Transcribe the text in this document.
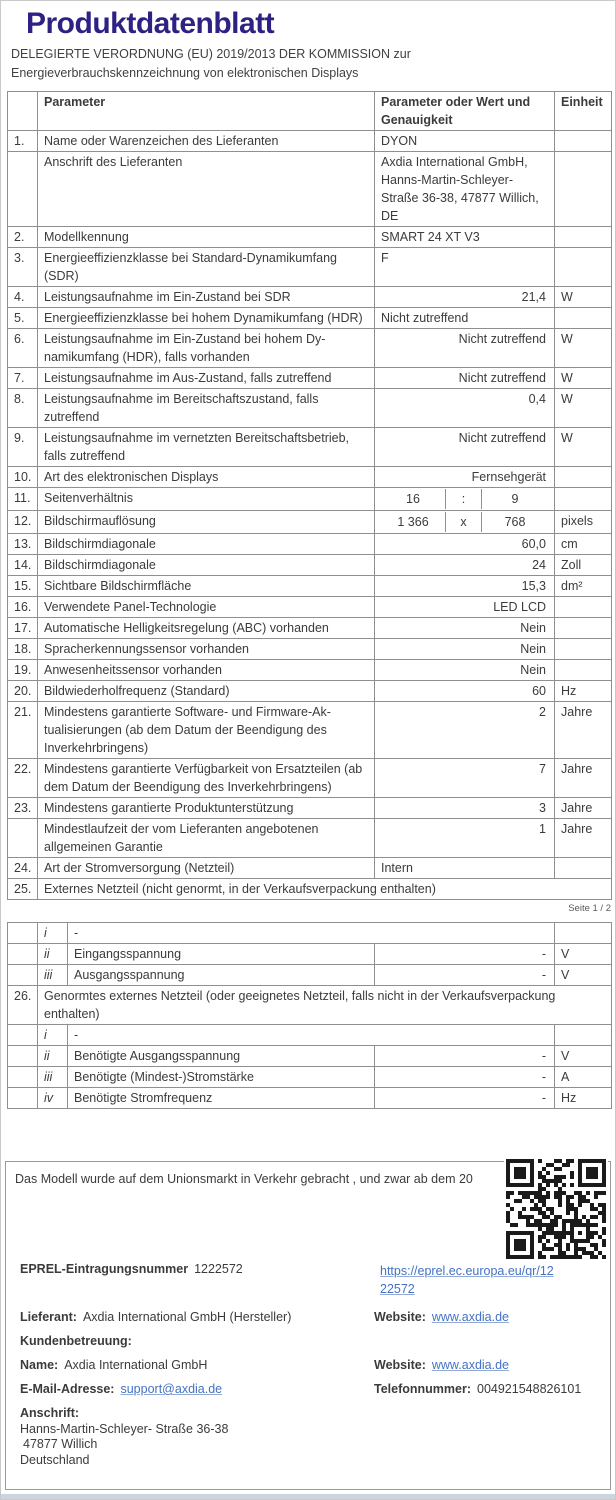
Produktdatenblatt
DELEGIERTE VERORDNUNG (EU) 2019/2013 DER KOMMISSION zur
Energieverbrauchskennzeichnung von elektronischen Displays
	Parameter	Parameter oder Wert und Genauigkeit	Einheit
1.	Name oder Warenzeichen des Lieferanten	DYON	
	Anschrift des Lieferanten	Axdia International GmbH, Hanns-Martin-Schleyer-Straße 36-38, 47877 Willich, DE	
2.	Modellkennung	SMART 24 XT V3	
3.	Energieeffizienzklasse bei Standard-Dynamikumfang (SDR)	F	
4.	Leistungsaufnahme im Ein-Zustand bei SDR	21,4	W
5.	Energieeffizienzklasse bei hohem Dynamikumfang (HDR)	Nicht zutreffend	
6.	Leistungsaufnahme im Ein-Zustand bei hohem Dynamikumfang (HDR), falls vorhanden	Nicht zutreffend	W
7.	Leistungsaufnahme im Aus-Zustand, falls zutreffend	Nicht zutreffend	W
8.	Leistungsaufnahme im Bereitschaftszustand, falls zutreffend	0,4	W
9.	Leistungsaufnahme im vernetzten Bereitschaftsbetrieb, falls zutreffend	Nicht zutreffend	W
10.	Art des elektronischen Displays	Fernsehgerät	
11.	Seitenverhältnis	16 : 9	

12.	Bildschirmauflösung	1 366 x 768	pixels
13.	Bildschirmdiagonale	60,0	cm
14.	Bildschirmdiagonale	24	Zoll
15.	Sichtbare Bildschirmfläche	15,3	dm²
16.	Verwendete Panel-Technologie	LED LCD	
17.	Automatische Helligkeitsregelung (ABC) vorhanden	Nein	
18.	Spracherkennungssensor vorhanden	Nein	
19.	Anwesenheitssensor vorhanden	Nein	
20.	Bildwiederholfrequenz (Standard)	60	Hz
21.	Mindestens garantierte Software- und Firmware-Aktualisierungen (ab dem Datum der Beendigung des Inverkehrbringens)	2	Jahre
22.	Mindestens garantierte Verfügbarkeit von Ersatzteilen (ab dem Datum der Beendigung des Inverkehrbringens)	7	Jahre
23.	Mindestens garantierte Produktunterstützung	3	Jahre
	Mindestlaufzeit der vom Lieferanten angebotenen allgemeinen Garantie	1	Jahre
24.	Art der Stromversorgung (Netzteil)	Intern	
25.	Externes Netzteil (nicht genormt, in der Verkaufsverpackung enthalten)		
Seite 1 / 2
	i	-		
	ii	Eingangsspannung	-	V
	iii	Ausgangsspannung	-	V
26.	Genormtes externes Netzteil (oder geeignetes Netzteil, falls nicht in der Verkaufsverpackung enthalten)			
	i	-		
	ii	Benötigte Ausgangsspannung	-	V
	iii	Benötigte (Mindest-)Stromstärke	-	A
	iv	Benötigte Stromfrequenz	-	Hz
Das Modell wurde auf dem Unionsmarkt in Verkehr gebracht , und zwar ab dem 20
EPREL-Eintragungsnummer 1222572	https://eprel.ec.europa.eu/qr/12
22572
Lieferant: Axdia International GmbH (Hersteller)	Website: www.axdia.de
Kundenbetreuung:
Name: Axdia International GmbH	Website: www.axdia.de
E-Mail-Adresse: support@axdia.de	Telefonnummer: 004921548826101
Anschrift:
Hanns-Martin-Schleyer- Straße 36-38
47877 Willich
Deutschland
